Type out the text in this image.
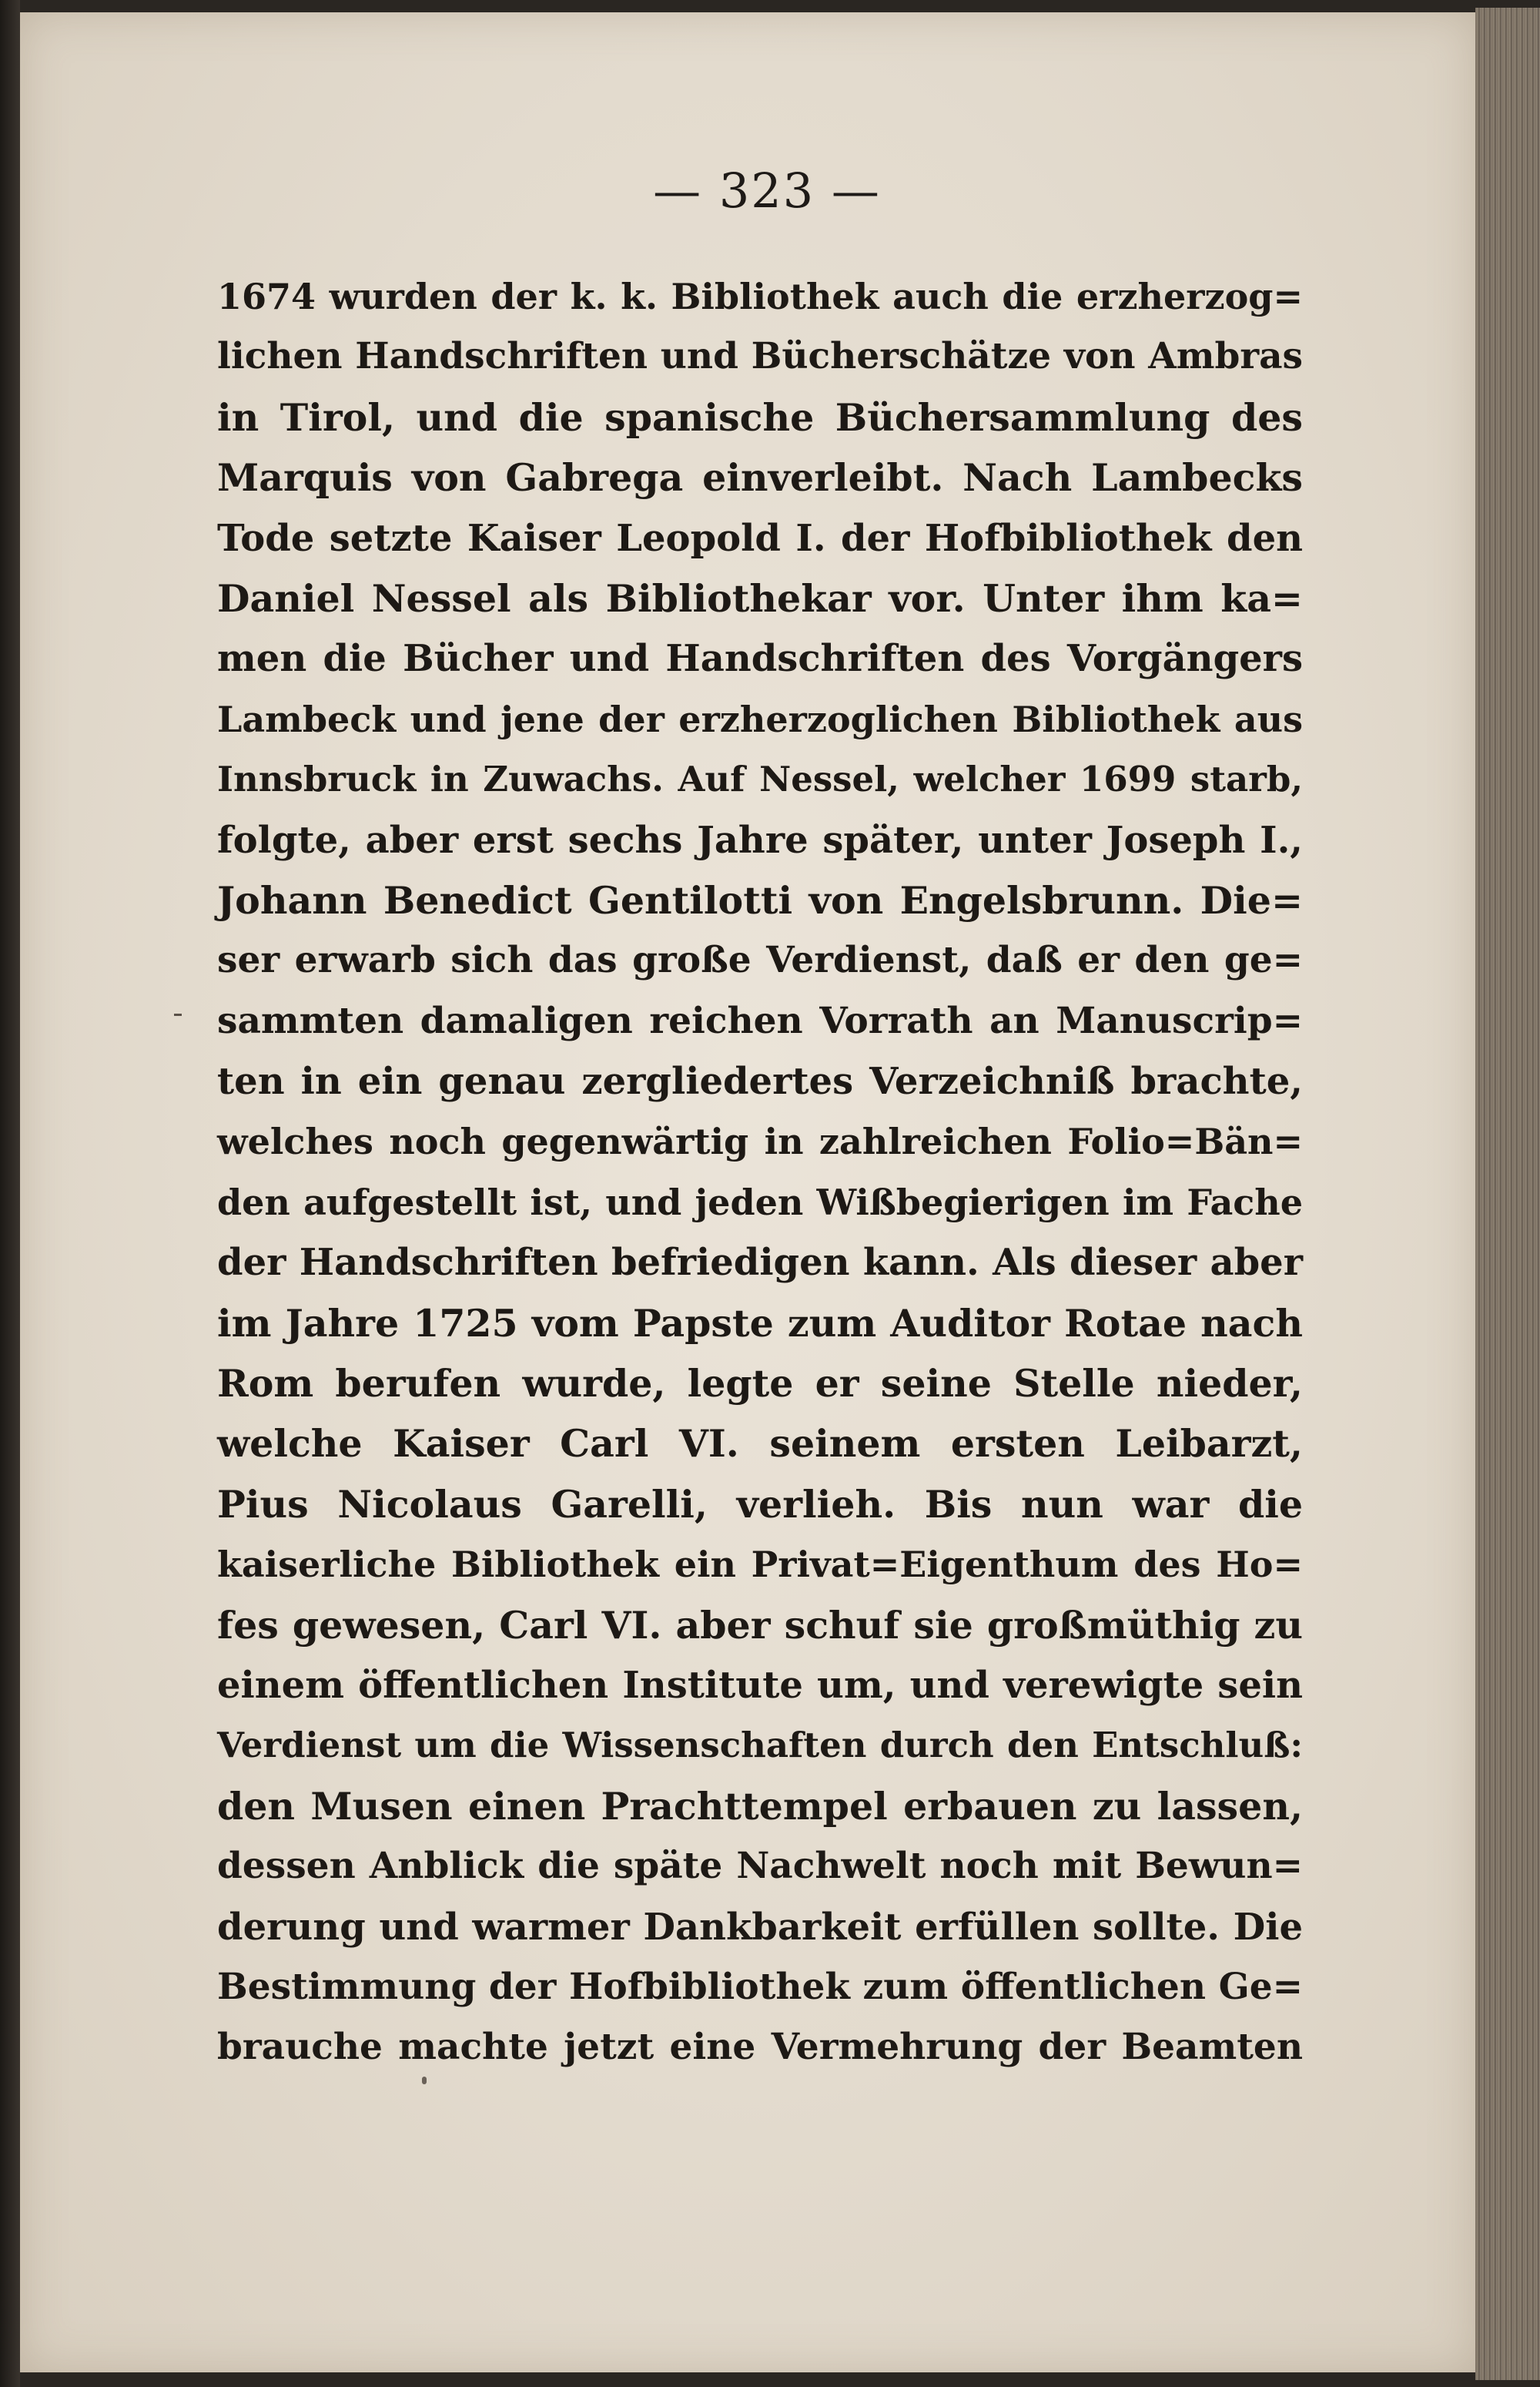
— 323 —
1674 wurden der k. k. Bibliothek auch die erzherzog=
lichen Handschriften und Bücherschätze von Ambras
in Tirol, und die spanische Büchersammlung des
Marquis von Gabrega einverleibt. Nach Lambecks
Tode setzte Kaiser Leopold I. der Hofbibliothek den
Daniel Nessel als Bibliothekar vor. Unter ihm ka=
men die Bücher und Handschriften des Vorgängers
Lambeck und jene der erzherzoglichen Bibliothek aus
Innsbruck in Zuwachs. Auf Nessel, welcher 1699 starb,
folgte, aber erst sechs Jahre später, unter Joseph I.,
Johann Benedict Gentilotti von Engelsbrunn. Die=
ser erwarb sich das große Verdienst, daß er den ge=
sammten damaligen reichen Vorrath an Manuscrip=
ten in ein genau zergliedertes Verzeichniß brachte,
welches noch gegenwärtig in zahlreichen Folio=Bän=
den aufgestellt ist, und jeden Wißbegierigen im Fache
der Handschriften befriedigen kann. Als dieser aber
im Jahre 1725 vom Papste zum Auditor Rotae nach
Rom berufen wurde, legte er seine Stelle nieder,
welche Kaiser Carl VI. seinem ersten Leibarzt,
Pius Nicolaus Garelli, verlieh. Bis nun war die
kaiserliche Bibliothek ein Privat=Eigenthum des Ho=
fes gewesen, Carl VI. aber schuf sie großmüthig zu
einem öffentlichen Institute um, und verewigte sein
Verdienst um die Wissenschaften durch den Entschluß:
den Musen einen Prachttempel erbauen zu lassen,
dessen Anblick die späte Nachwelt noch mit Bewun=
derung und warmer Dankbarkeit erfüllen sollte. Die
Bestimmung der Hofbibliothek zum öffentlichen Ge=
brauche machte jetzt eine Vermehrung der Beamten
